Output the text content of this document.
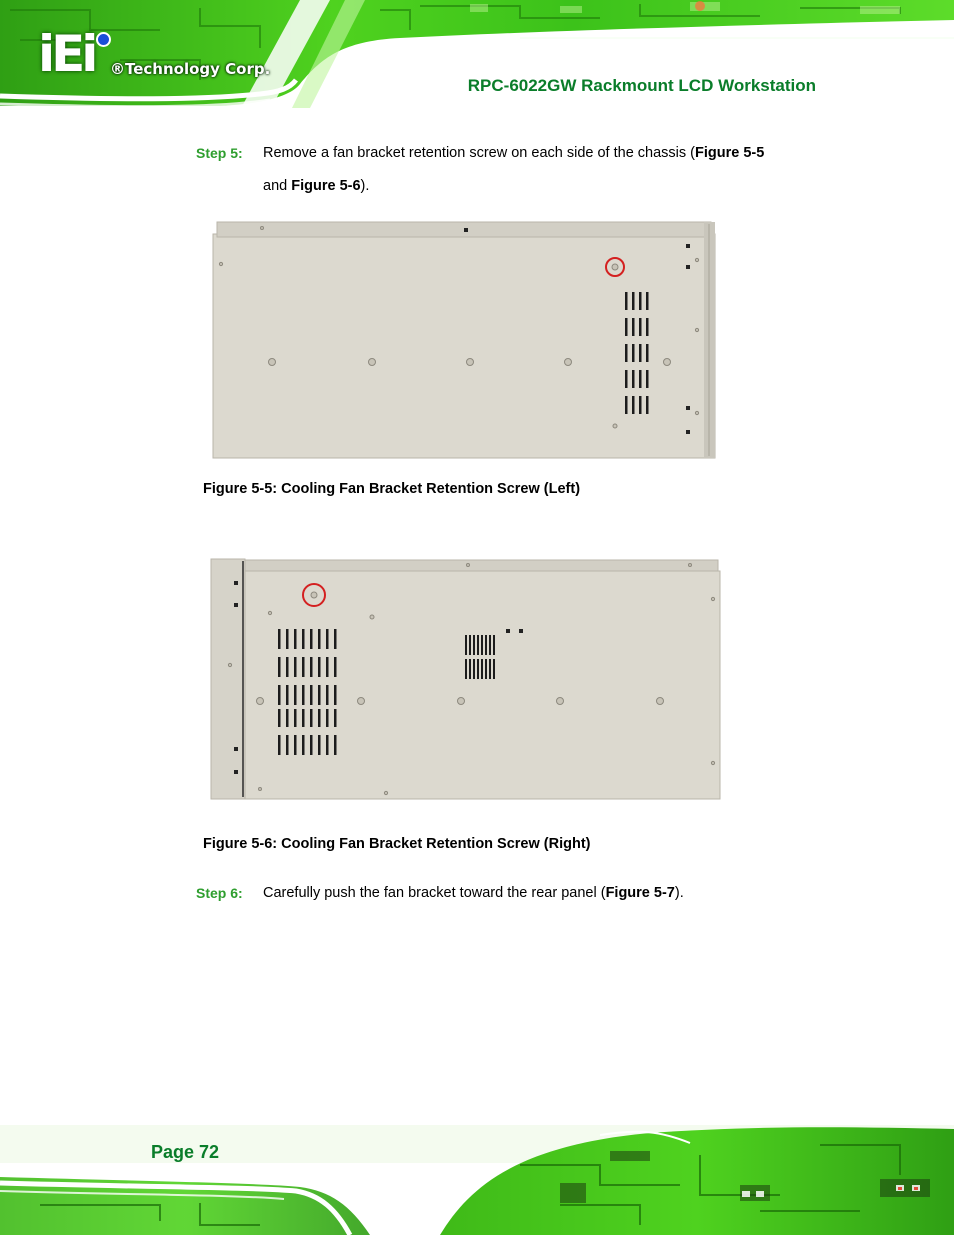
iEi ®Technology Corp.
RPC-6022GW Rackmount LCD Workstation
Step 5: Remove a fan bracket retention screw on each side of the chassis (Figure 5-5
and Figure 5-6).
Figure 5-5: Cooling Fan Bracket Retention Screw (Left)
Figure 5-6: Cooling Fan Bracket Retention Screw (Right)
Step 6: Carefully push the fan bracket toward the rear panel (Figure 5-7).
Page 72
